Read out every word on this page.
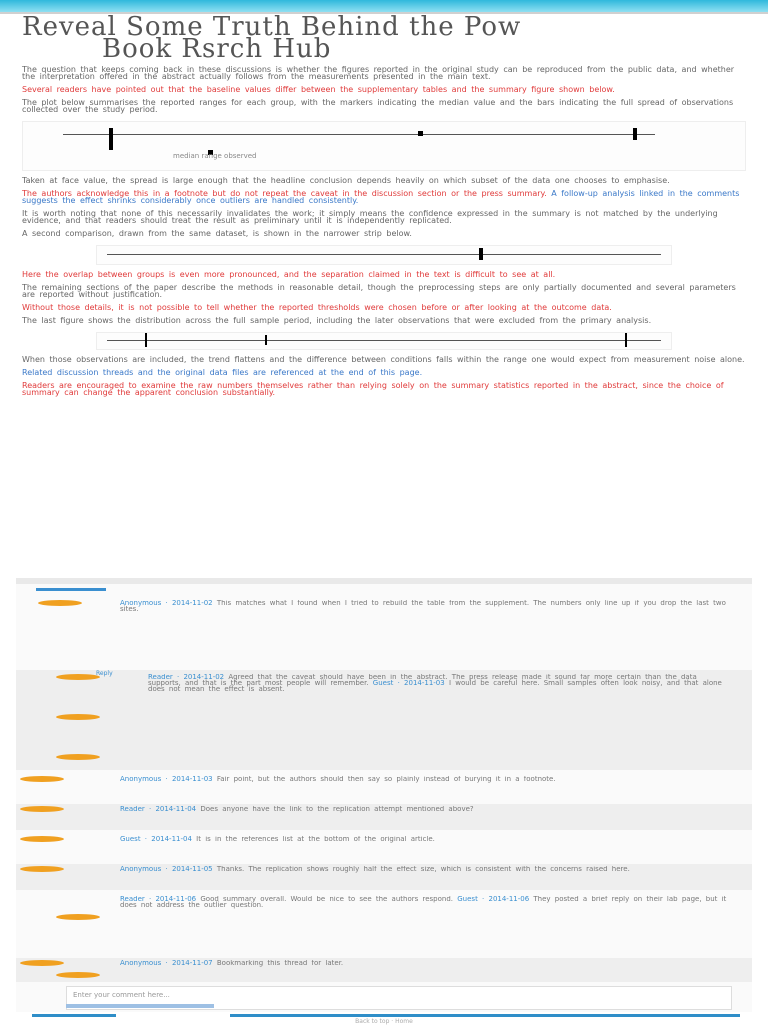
Reveal Some Truth Behind the Pow
Book Rsrch Hub

The question that keeps coming back in these discussions is whether the figures reported in the original study can be reproduced from the public data, and whether the interpretation offered in the abstract actually follows from the measurements presented in the main text.

Several readers have pointed out that the baseline values differ between the supplementary tables and the summary figure shown below.

The plot below summarises the reported ranges for each group, with the markers indicating the median value and the bars indicating the full spread of observations collected over the study period.

median range observed

Taken at face value, the spread is large enough that the headline conclusion depends heavily on which subset of the data one chooses to emphasise.

The authors acknowledge this in a footnote but do not repeat the caveat in the discussion section or the press summary. A follow-up analysis linked in the comments suggests the effect shrinks considerably once outliers are handled consistently.

It is worth noting that none of this necessarily invalidates the work; it simply means the confidence expressed in the summary is not matched by the underlying evidence, and that readers should treat the result as preliminary until it is independently replicated.

A second comparison, drawn from the same dataset, is shown in the narrower strip below.

Here the overlap between groups is even more pronounced, and the separation claimed in the text is difficult to see at all.

The remaining sections of the paper describe the methods in reasonable detail, though the preprocessing steps are only partially documented and several parameters are reported without justification.

Without those details, it is not possible to tell whether the reported thresholds were chosen before or after looking at the outcome data.

The last figure shows the distribution across the full sample period, including the later observations that were excluded from the primary analysis.

When those observations are included, the trend flattens and the difference between conditions falls within the range one would expect from measurement noise alone.

Related discussion threads and the original data files are referenced at the end of this page.

Readers are encouraged to examine the raw numbers themselves rather than relying solely on the summary statistics reported in the abstract, since the choice of summary can change the apparent conclusion substantially.

Anonymous · 2014-11-02 This matches what I found when I tried to rebuild the table from the supplement. The numbers only line up if you drop the last two sites.
Reader · 2014-11-02 Agreed that the caveat should have been in the abstract. The press release made it sound far more certain than the data supports, and that is the part most people will remember. Guest · 2014-11-03 I would be careful here. Small samples often look noisy, and that alone does not mean the effect is absent.
Reply
Anonymous · 2014-11-03 Fair point, but the authors should then say so plainly instead of burying it in a footnote.
Reader · 2014-11-04 Does anyone have the link to the replication attempt mentioned above?
Guest · 2014-11-04 It is in the references list at the bottom of the original article.
Anonymous · 2014-11-05 Thanks. The replication shows roughly half the effect size, which is consistent with the concerns raised here.
Reader · 2014-11-06 Good summary overall. Would be nice to see the authors respond. Guest · 2014-11-06 They posted a brief reply on their lab page, but it does not address the outlier question.
Anonymous · 2014-11-07 Bookmarking this thread for later.
Enter your comment here...
Back to top · Home
